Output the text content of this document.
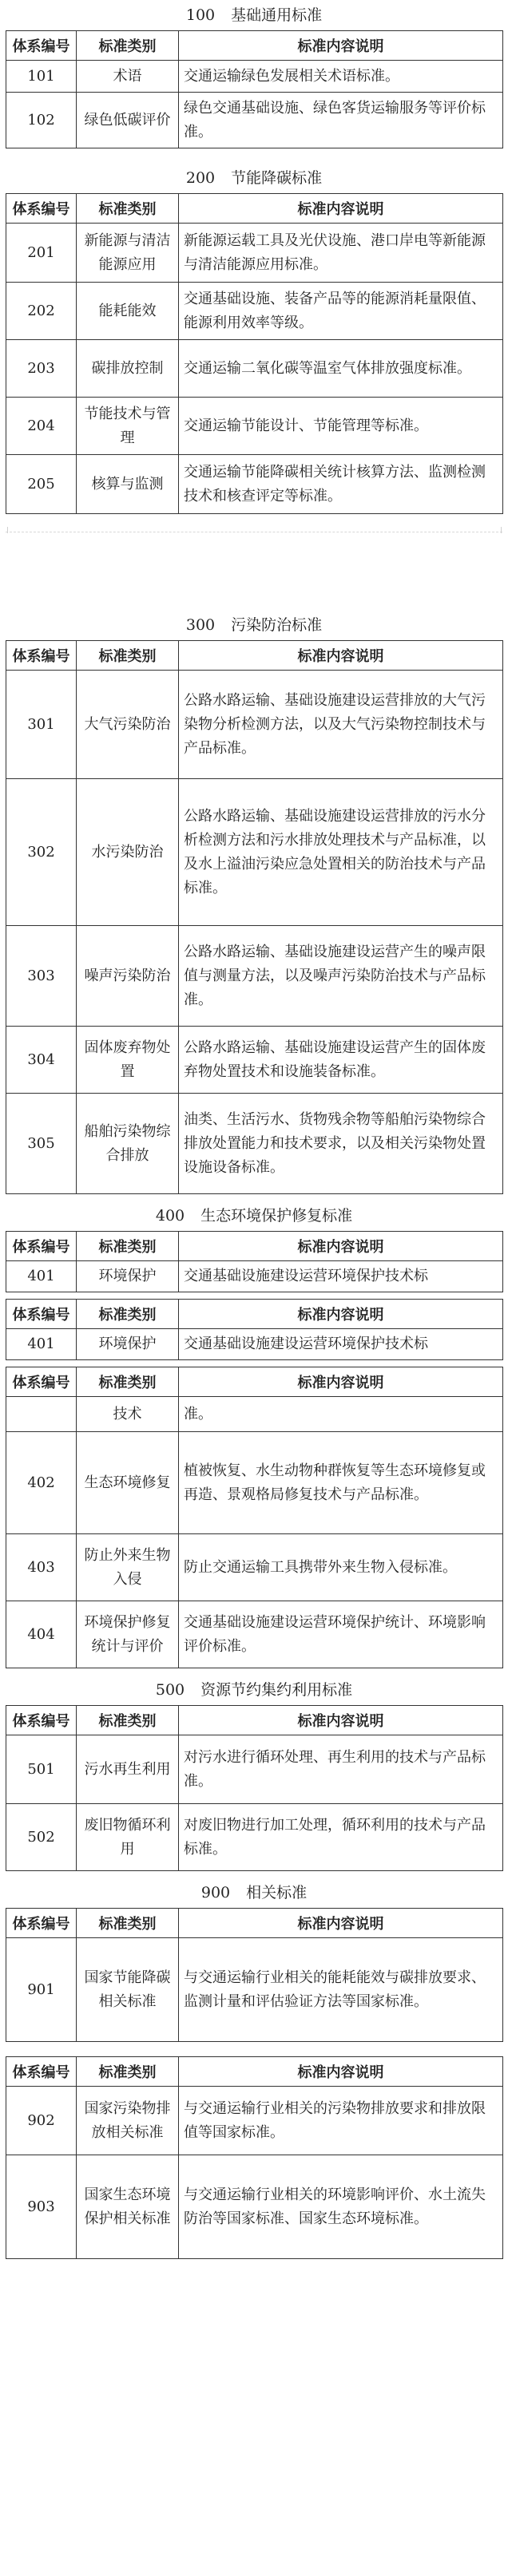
100 基础通用标准
体系编号	标准类别	标准内容说明
101	术语	交通运输绿色发展相关术语标准。
102	绿色低碳评价	绿色交通基础设施、绿色客货运输服务等评价标准。
200 节能降碳标准
体系编号	标准类别	标准内容说明
201	新能源与清洁能源应用	新能源运载工具及光伏设施、港口岸电等新能源与清洁能源应用标准。
202	能耗能效	交通基础设施、装备产品等的能源消耗量限值、能源利用效率等级。
203	碳排放控制	交通运输二氧化碳等温室气体排放强度标准。
204	节能技术与管理	交通运输节能设计、节能管理等标准。
205	核算与监测	交通运输节能降碳相关统计核算方法、监测检测技术和核查评定等标准。
300 污染防治标准
体系编号	标准类别	标准内容说明
301	大气污染防治	公路水路运输、基础设施建设运营排放的大气污染物分析检测方法，以及大气污染物控制技术与产品标准。
302	水污染防治	公路水路运输、基础设施建设运营排放的污水分析检测方法和污水排放处理技术与产品标准，以及水上溢油污染应急处置相关的防治技术与产品标准。
303	噪声污染防治	公路水路运输、基础设施建设运营产生的噪声限值与测量方法，以及噪声污染防治技术与产品标准。
304	固体废弃物处置	公路水路运输、基础设施建设运营产生的固体废弃物处置技术和设施装备标准。
305	船舶污染物综合排放	油类、生活污水、货物残余物等船舶污染物综合排放处置能力和技术要求，以及相关污染物处置设施设备标准。
400 生态环境保护修复标准
体系编号	标准类别	标准内容说明
401	环境保护	交通基础设施建设运营环境保护技术标
体系编号	标准类别	标准内容说明
401	环境保护	交通基础设施建设运营环境保护技术标
体系编号	标准类别	标准内容说明
	技术	准。
402	生态环境修复	植被恢复、水生动物种群恢复等生态环境修复或再造、景观格局修复技术与产品标准。
403	防止外来生物入侵	防止交通运输工具携带外来生物入侵标准。
404	环境保护修复统计与评价	交通基础设施建设运营环境保护统计、环境影响评价标准。
500 资源节约集约利用标准
体系编号	标准类别	标准内容说明
501	污水再生利用	对污水进行循环处理、再生利用的技术与产品标准。
502	废旧物循环利用	对废旧物进行加工处理，循环利用的技术与产品标准。
900 相关标准
体系编号	标准类别	标准内容说明
901	国家节能降碳相关标准	与交通运输行业相关的能耗能效与碳排放要求、监测计量和评估验证方法等国家标准。
体系编号	标准类别	标准内容说明
902	国家污染物排放相关标准	与交通运输行业相关的污染物排放要求和排放限值等国家标准。
903	国家生态环境保护相关标准	与交通运输行业相关的环境影响评价、水土流失防治等国家标准、国家生态环境标准。
